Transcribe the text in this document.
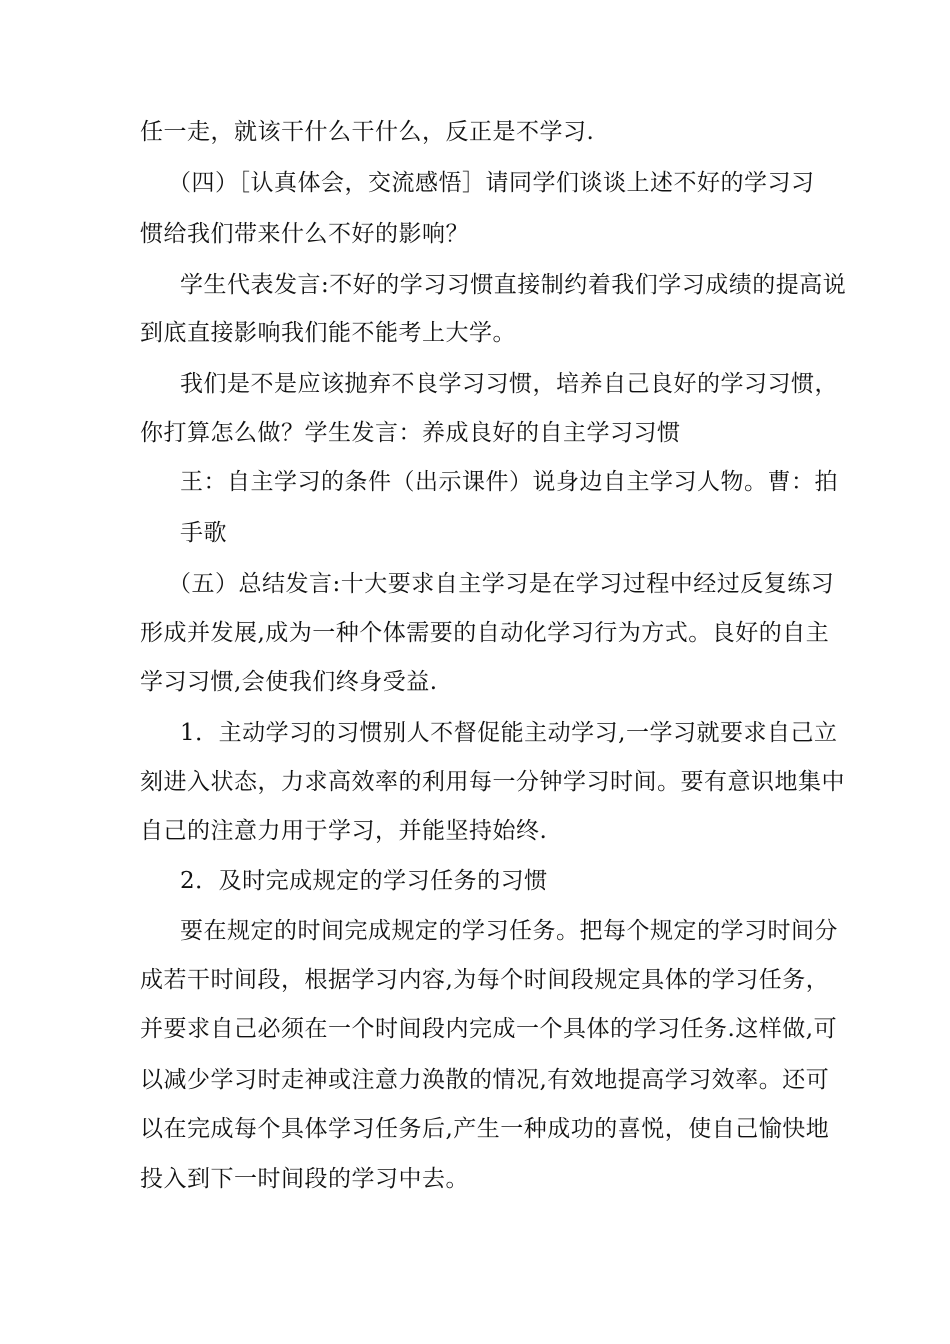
任一走，就该干什么干什么，反正是不学习.
（四）［认真体会，交流感悟］请同学们谈谈上述不好的学习习
惯给我们带来什么不好的影响？
学生代表发言:不好的学习习惯直接制约着我们学习成绩的提高说
到底直接影响我们能不能考上大学。
我们是不是应该抛弃不良学习习惯，培养自己良好的学习习惯，
你打算怎么做？学生发言：养成良好的自主学习习惯
王：自主学习的条件（出示课件）说身边自主学习人物。曹：拍
手歌
（五）总结发言:十大要求自主学习是在学习过程中经过反复练习
形成并发展,成为一种个体需要的自动化学习行为方式。良好的自主
学习习惯,会使我们终身受益.
1．主动学习的习惯别人不督促能主动学习,一学习就要求自己立
刻进入状态，力求高效率的利用每一分钟学习时间。要有意识地集中
自己的注意力用于学习，并能坚持始终.
2．及时完成规定的学习任务的习惯
要在规定的时间完成规定的学习任务。把每个规定的学习时间分
成若干时间段，根据学习内容,为每个时间段规定具体的学习任务，
并要求自己必须在一个时间段内完成一个具体的学习任务.这样做,可
以减少学习时走神或注意力涣散的情况,有效地提高学习效率。还可
以在完成每个具体学习任务后,产生一种成功的喜悦，使自己愉快地
投入到下一时间段的学习中去。
